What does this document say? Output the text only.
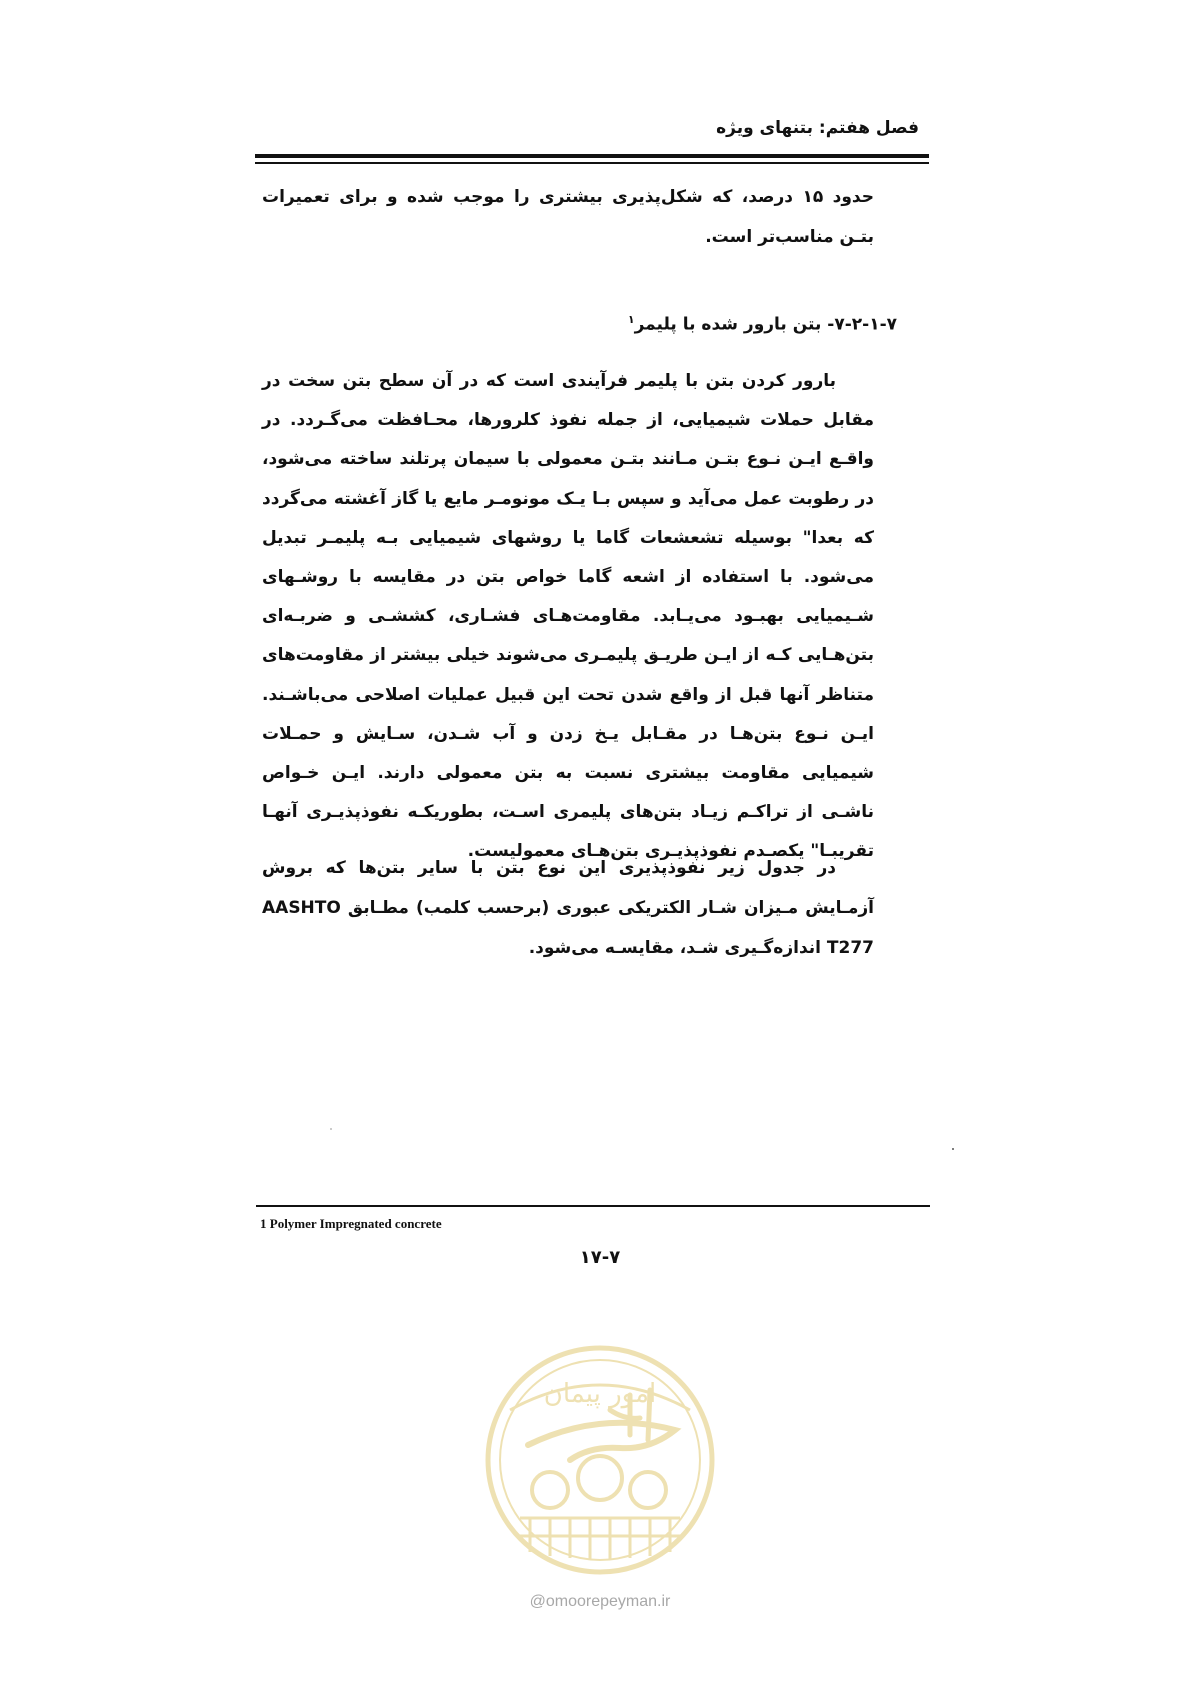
فصل هفتم: بتنهای ویژه

حدود ۱۵ درصد، که شکل‌پذیری بیشتری را موجب شده و برای تعمیرات بتـن مناسب‌تر است.

۷-۲-۱-۷- بتن بارور شده با پلیمر$^۱$

بارور کردن بتن با پلیمر فرآیندی است که در آن سطح بتن سخت در مقابل حملات شیمیایی، از جمله نفوذ کلرورها، محـافظت می‌گـردد. در واقـع ایـن نـوع بتـن مـانند بتـن معمولی با سیمان پرتلند ساخته می‌شود، در رطوبت عمل می‌آید و سپس بـا یـک مونومـر مایع یا گاز آغشته می‌گردد که بعدا" بوسیله تشعشعات گاما یا روشهای شیمیایی بـه پلیمـر تبدیل می‌شود. با استفاده از اشعه گاما خواص بتن در مقایسه با روشـهای شـیمیایی بهبـود می‌یـابد. مقاومت‌هـای فشـاری، کششـی و ضربـه‌ای بتن‌هـایی کـه از ایـن طریـق پلیمـری می‌شوند خیلی بیشتر از مقاومت‌های متناظر آنها قبل از واقع شدن تحت این قبیل عملیات اصلاحی می‌باشـند. ایـن نـوع بتن‌هـا در مقـابل یـخ زدن و آب شـدن، سـایش و حمـلات شیمیایی مقاومت بیشتری نسبت به بتن معمولی دارند. ایـن خـواص ناشـی از تراکـم زیـاد بتن‌های پلیمری اسـت، بطوریکـه نفوذپذیـری آنهـا تقریبـا" یکصـدم نفوذپذیـری بتن‌هـای معمولیست.

در جدول زیر نفوذپذیری این نوع بتن با سایر بتن‌ها که بروش آزمـایش مـیزان شـار الکتریکی عبوری (برحسب کلمب) مطـابق AASHTO T277 اندازه‌گـیری شـد، مقایسـه می‌شود.

1 Polymer Impregnated concrete
۱۷-۷
امور پیمان
@omoorepeyman.ir
